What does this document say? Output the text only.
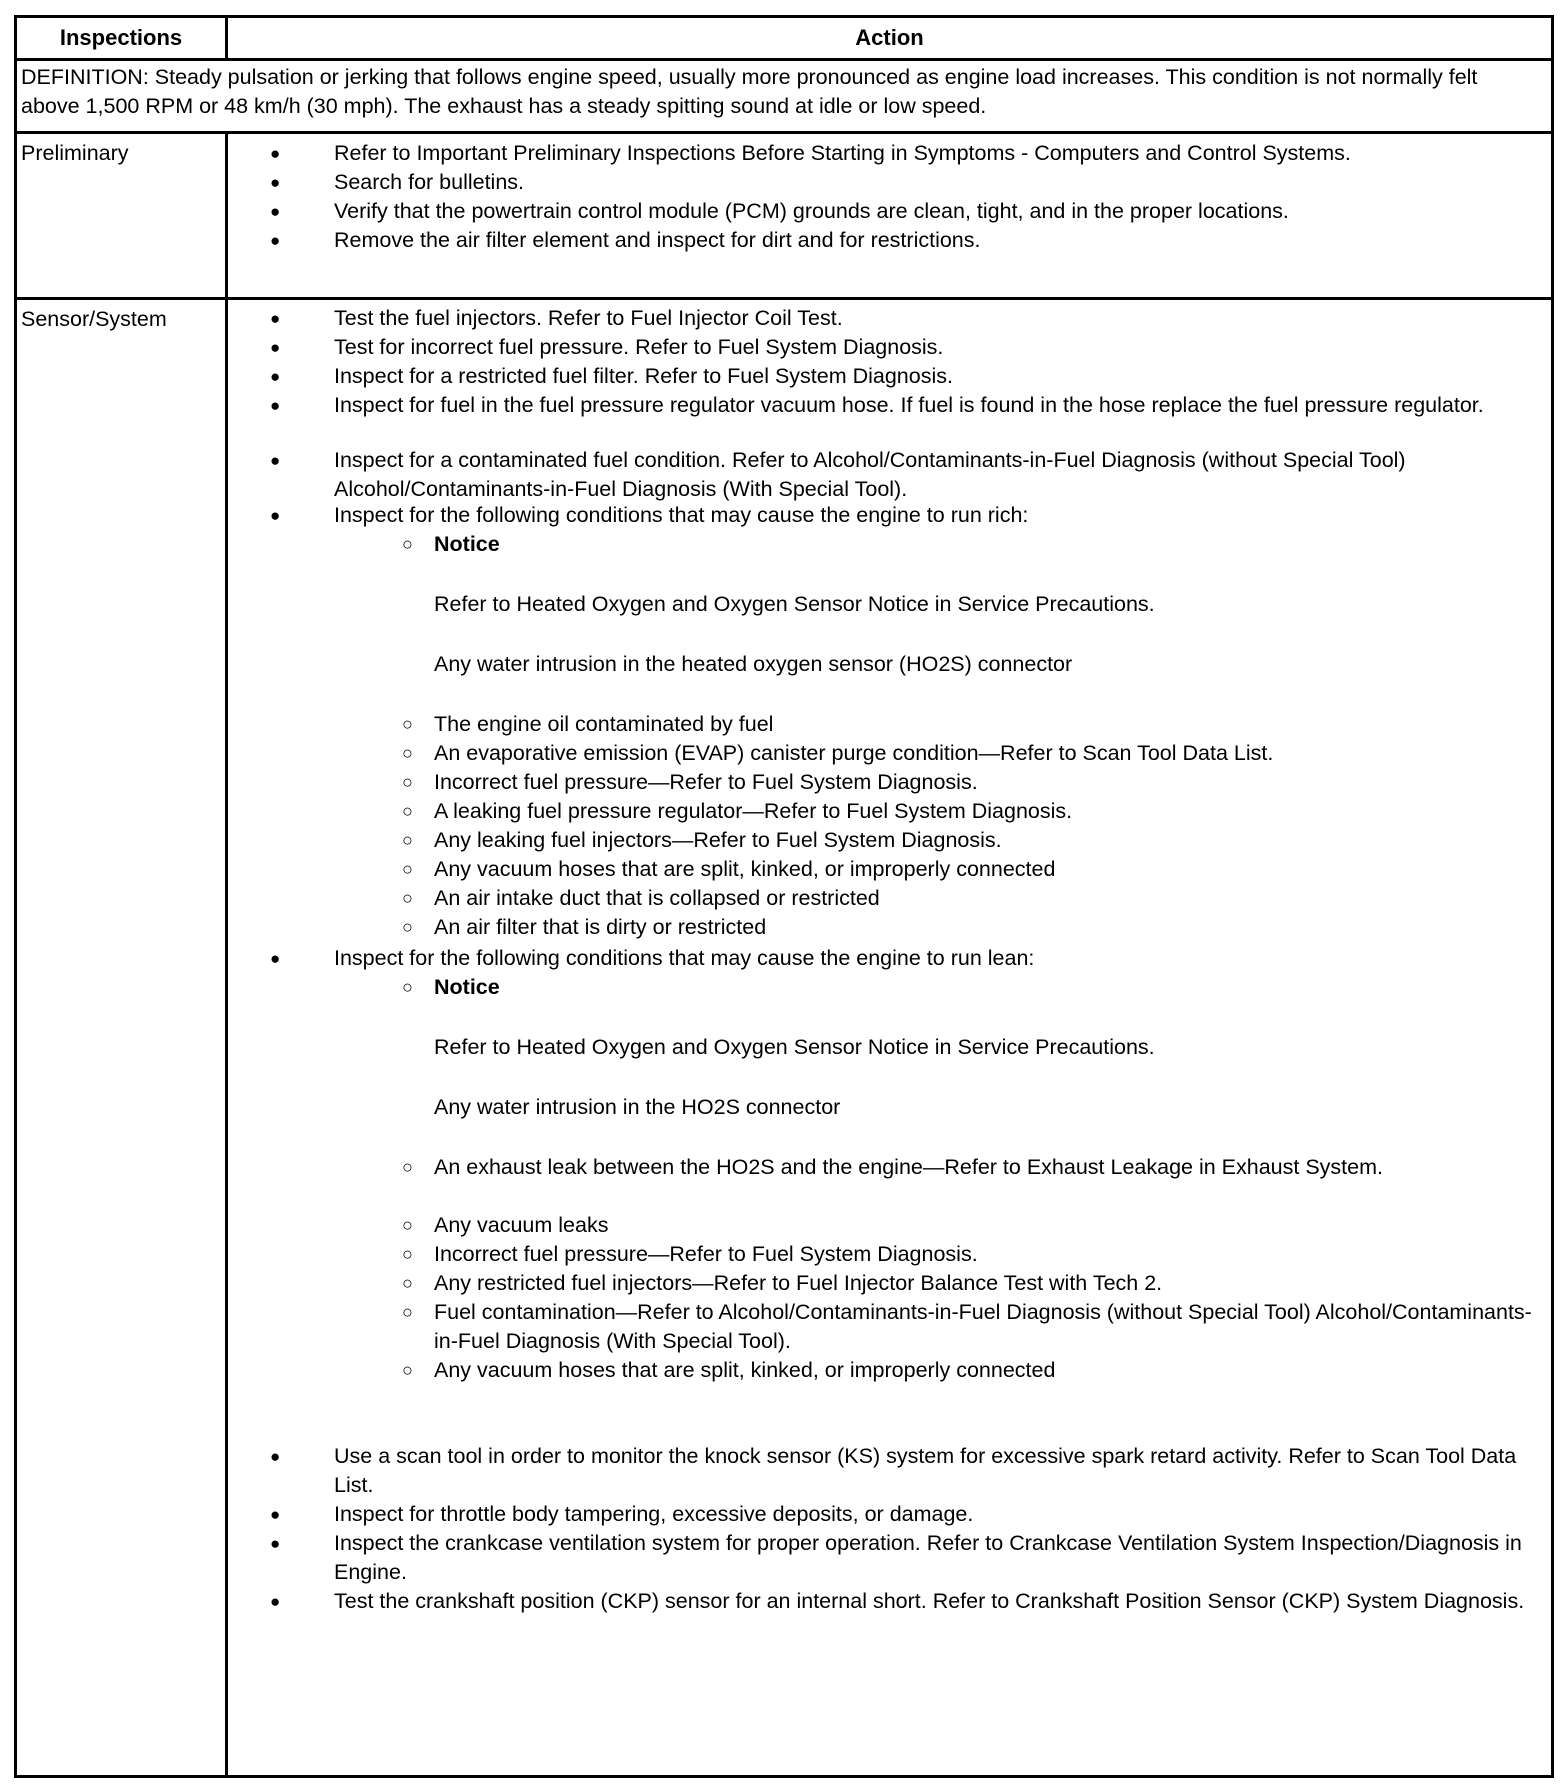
Inspections	Action
DEFINITION: Steady pulsation or jerking that follows engine speed, usually more pronounced as engine load increases. This condition is not normally felt above 1,500 RPM or 48 km/h (30 mph). The exhaust has a steady spitting sound at idle or low speed.
Preliminary	● Refer to Important Preliminary Inspections Before Starting in Symptoms - Computers and Control Systems.
● Search for bulletins.
● Verify that the powertrain control module (PCM) grounds are clean, tight, and in the proper locations.
● Remove the air filter element and inspect for dirt and for restrictions.
Sensor/System	● Test the fuel injectors. Refer to Fuel Injector Coil Test.
● Test for incorrect fuel pressure. Refer to Fuel System Diagnosis.
● Inspect for a restricted fuel filter. Refer to Fuel System Diagnosis.
● Inspect for fuel in the fuel pressure regulator vacuum hose. If fuel is found in the hose replace the fuel pressure regulator.
● Inspect for a contaminated fuel condition. Refer to Alcohol/Contaminants-in-Fuel Diagnosis (without Special Tool) Alcohol/Contaminants-in-Fuel Diagnosis (With Special Tool).
● Inspect for the following conditions that may cause the engine to run rich:
○ Notice
Refer to Heated Oxygen and Oxygen Sensor Notice in Service Precautions.
Any water intrusion in the heated oxygen sensor (HO2S) connector
○ The engine oil contaminated by fuel
○ An evaporative emission (EVAP) canister purge condition—Refer to Scan Tool Data List.
○ Incorrect fuel pressure—Refer to Fuel System Diagnosis.
○ A leaking fuel pressure regulator—Refer to Fuel System Diagnosis.
○ Any leaking fuel injectors—Refer to Fuel System Diagnosis.
○ Any vacuum hoses that are split, kinked, or improperly connected
○ An air intake duct that is collapsed or restricted
○ An air filter that is dirty or restricted
● Inspect for the following conditions that may cause the engine to run lean:
○ Notice
Refer to Heated Oxygen and Oxygen Sensor Notice in Service Precautions.
Any water intrusion in the HO2S connector
○ An exhaust leak between the HO2S and the engine—Refer to Exhaust Leakage in Exhaust System.
○ Any vacuum leaks
○ Incorrect fuel pressure—Refer to Fuel System Diagnosis.
○ Any restricted fuel injectors—Refer to Fuel Injector Balance Test with Tech 2.
○ Fuel contamination—Refer to Alcohol/Contaminants-in-Fuel Diagnosis (without Special Tool) Alcohol/Contaminants-in-Fuel Diagnosis (With Special Tool).
○ Any vacuum hoses that are split, kinked, or improperly connected
● Use a scan tool in order to monitor the knock sensor (KS) system for excessive spark retard activity. Refer to Scan Tool Data List.
● Inspect for throttle body tampering, excessive deposits, or damage.
● Inspect the crankcase ventilation system for proper operation. Refer to Crankcase Ventilation System Inspection/Diagnosis in Engine.
● Test the crankshaft position (CKP) sensor for an internal short. Refer to Crankshaft Position Sensor (CKP) System Diagnosis.
